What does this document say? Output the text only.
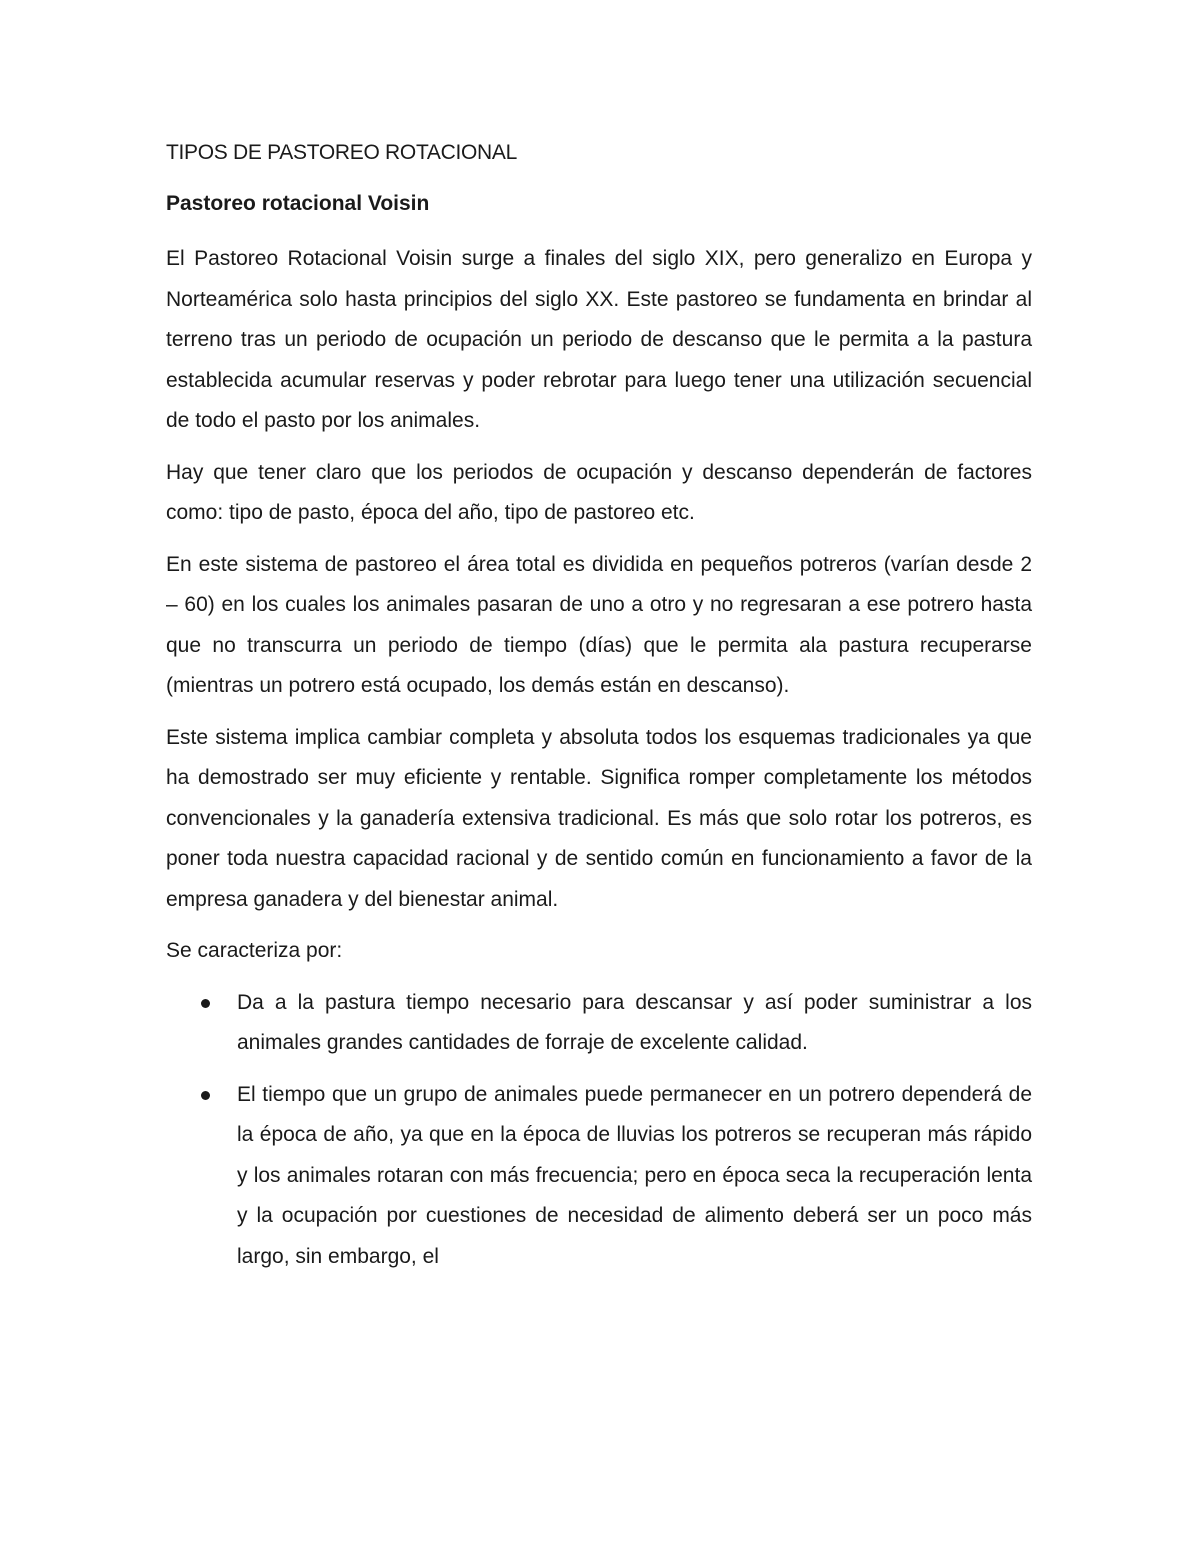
TIPOS DE PASTOREO ROTACIONAL
Pastoreo rotacional Voisin

El Pastoreo Rotacional Voisin surge a finales del siglo XIX, pero generalizo en Europa y Norteamérica solo hasta principios del siglo XX. Este pastoreo se fundamenta en brindar al terreno tras un periodo de ocupación un periodo de descanso que le permita a la pastura establecida acumular reservas y poder rebrotar para luego tener una utilización secuencial de todo el pasto por los animales.

Hay que tener claro que los periodos de ocupación y descanso dependerán de factores como: tipo de pasto, época del año, tipo de pastoreo etc.

En este sistema de pastoreo el área total es dividida en pequeños potreros (varían desde 2 – 60) en los cuales los animales pasaran de uno a otro y no regresaran a ese potrero hasta que no transcurra un periodo de tiempo (días) que le permita ala pastura recuperarse (mientras un potrero está ocupado, los demás están en descanso).

Este sistema implica cambiar completa y absoluta todos los esquemas tradicionales ya que ha demostrado ser muy eficiente y rentable. Significa romper completamente los métodos convencionales y la ganadería extensiva tradicional. Es más que solo rotar los potreros, es poner toda nuestra capacidad racional y de sentido común en funcionamiento a favor de la empresa ganadera y del bienestar animal.

Se caracteriza por:

Da a la pastura tiempo necesario para descansar y así poder suministrar a los animales grandes cantidades de forraje de excelente calidad.
El tiempo que un grupo de animales puede permanecer en un potrero dependerá de la época de año, ya que en la época de lluvias los potreros se recuperan más rápido y los animales rotaran con más frecuencia; pero en época seca la recuperación lenta y la ocupación por cuestiones de necesidad de alimento deberá ser un poco más largo, sin embargo, el
